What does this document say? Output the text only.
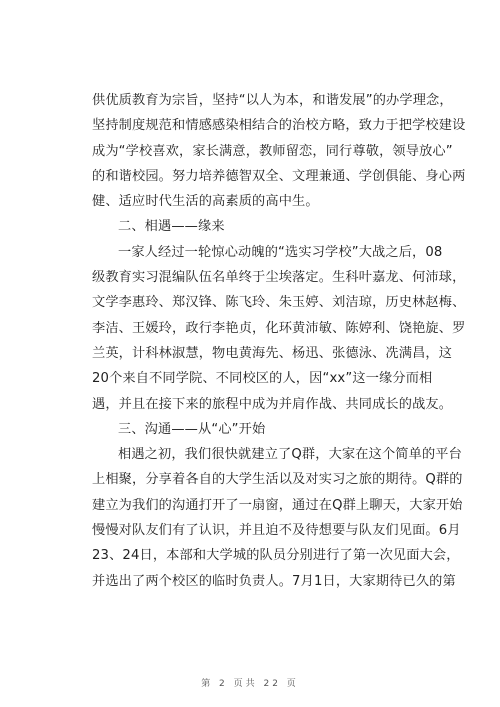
供优质教育为宗旨，坚持“以人为本，和谐发展”的办学理念，
坚持制度规范和情感感染相结合的治校方略，致力于把学校建设
成为“学校喜欢，家长满意，教师留恋，同行尊敬，领导放心”
的和谐校园。努力培养德智双全、文理兼通、学创俱能、身心两
健、适应时代生活的高素质的高中生。
二、相遇——缘来
一家人经过一轮惊心动魄的“选实习学校”大战之后，08
级教育实习混编队伍名单终于尘埃落定。生科叶嘉龙、何沛球，
文学李惠玲、郑汉锋、陈飞玲、朱玉婷、刘洁琼，历史林赵梅、
李洁、王媛玲，政行李艳贞，化环黄沛敏、陈婷利、饶艳旋、罗
兰英，计科林淑慧，物电黄海先、杨迅、张德泳、冼满昌，这
20个来自不同学院、不同校区的人，因“xx”这一缘分而相
遇，并且在接下来的旅程中成为并肩作战、共同成长的战友。
三、沟通——从“心”开始
相遇之初，我们很快就建立了Q群，大家在这个简单的平台
上相聚，分享着各自的大学生活以及对实习之旅的期待。Q群的
建立为我们的沟通打开了一扇窗，通过在Q群上聊天，大家开始
慢慢对队友们有了认识，并且迫不及待想要与队友们见面。6月
23、24日，本部和大学城的队员分别进行了第一次见面大会，
并选出了两个校区的临时负责人。7月1日，大家期待已久的第
第 2 页共 22 页
